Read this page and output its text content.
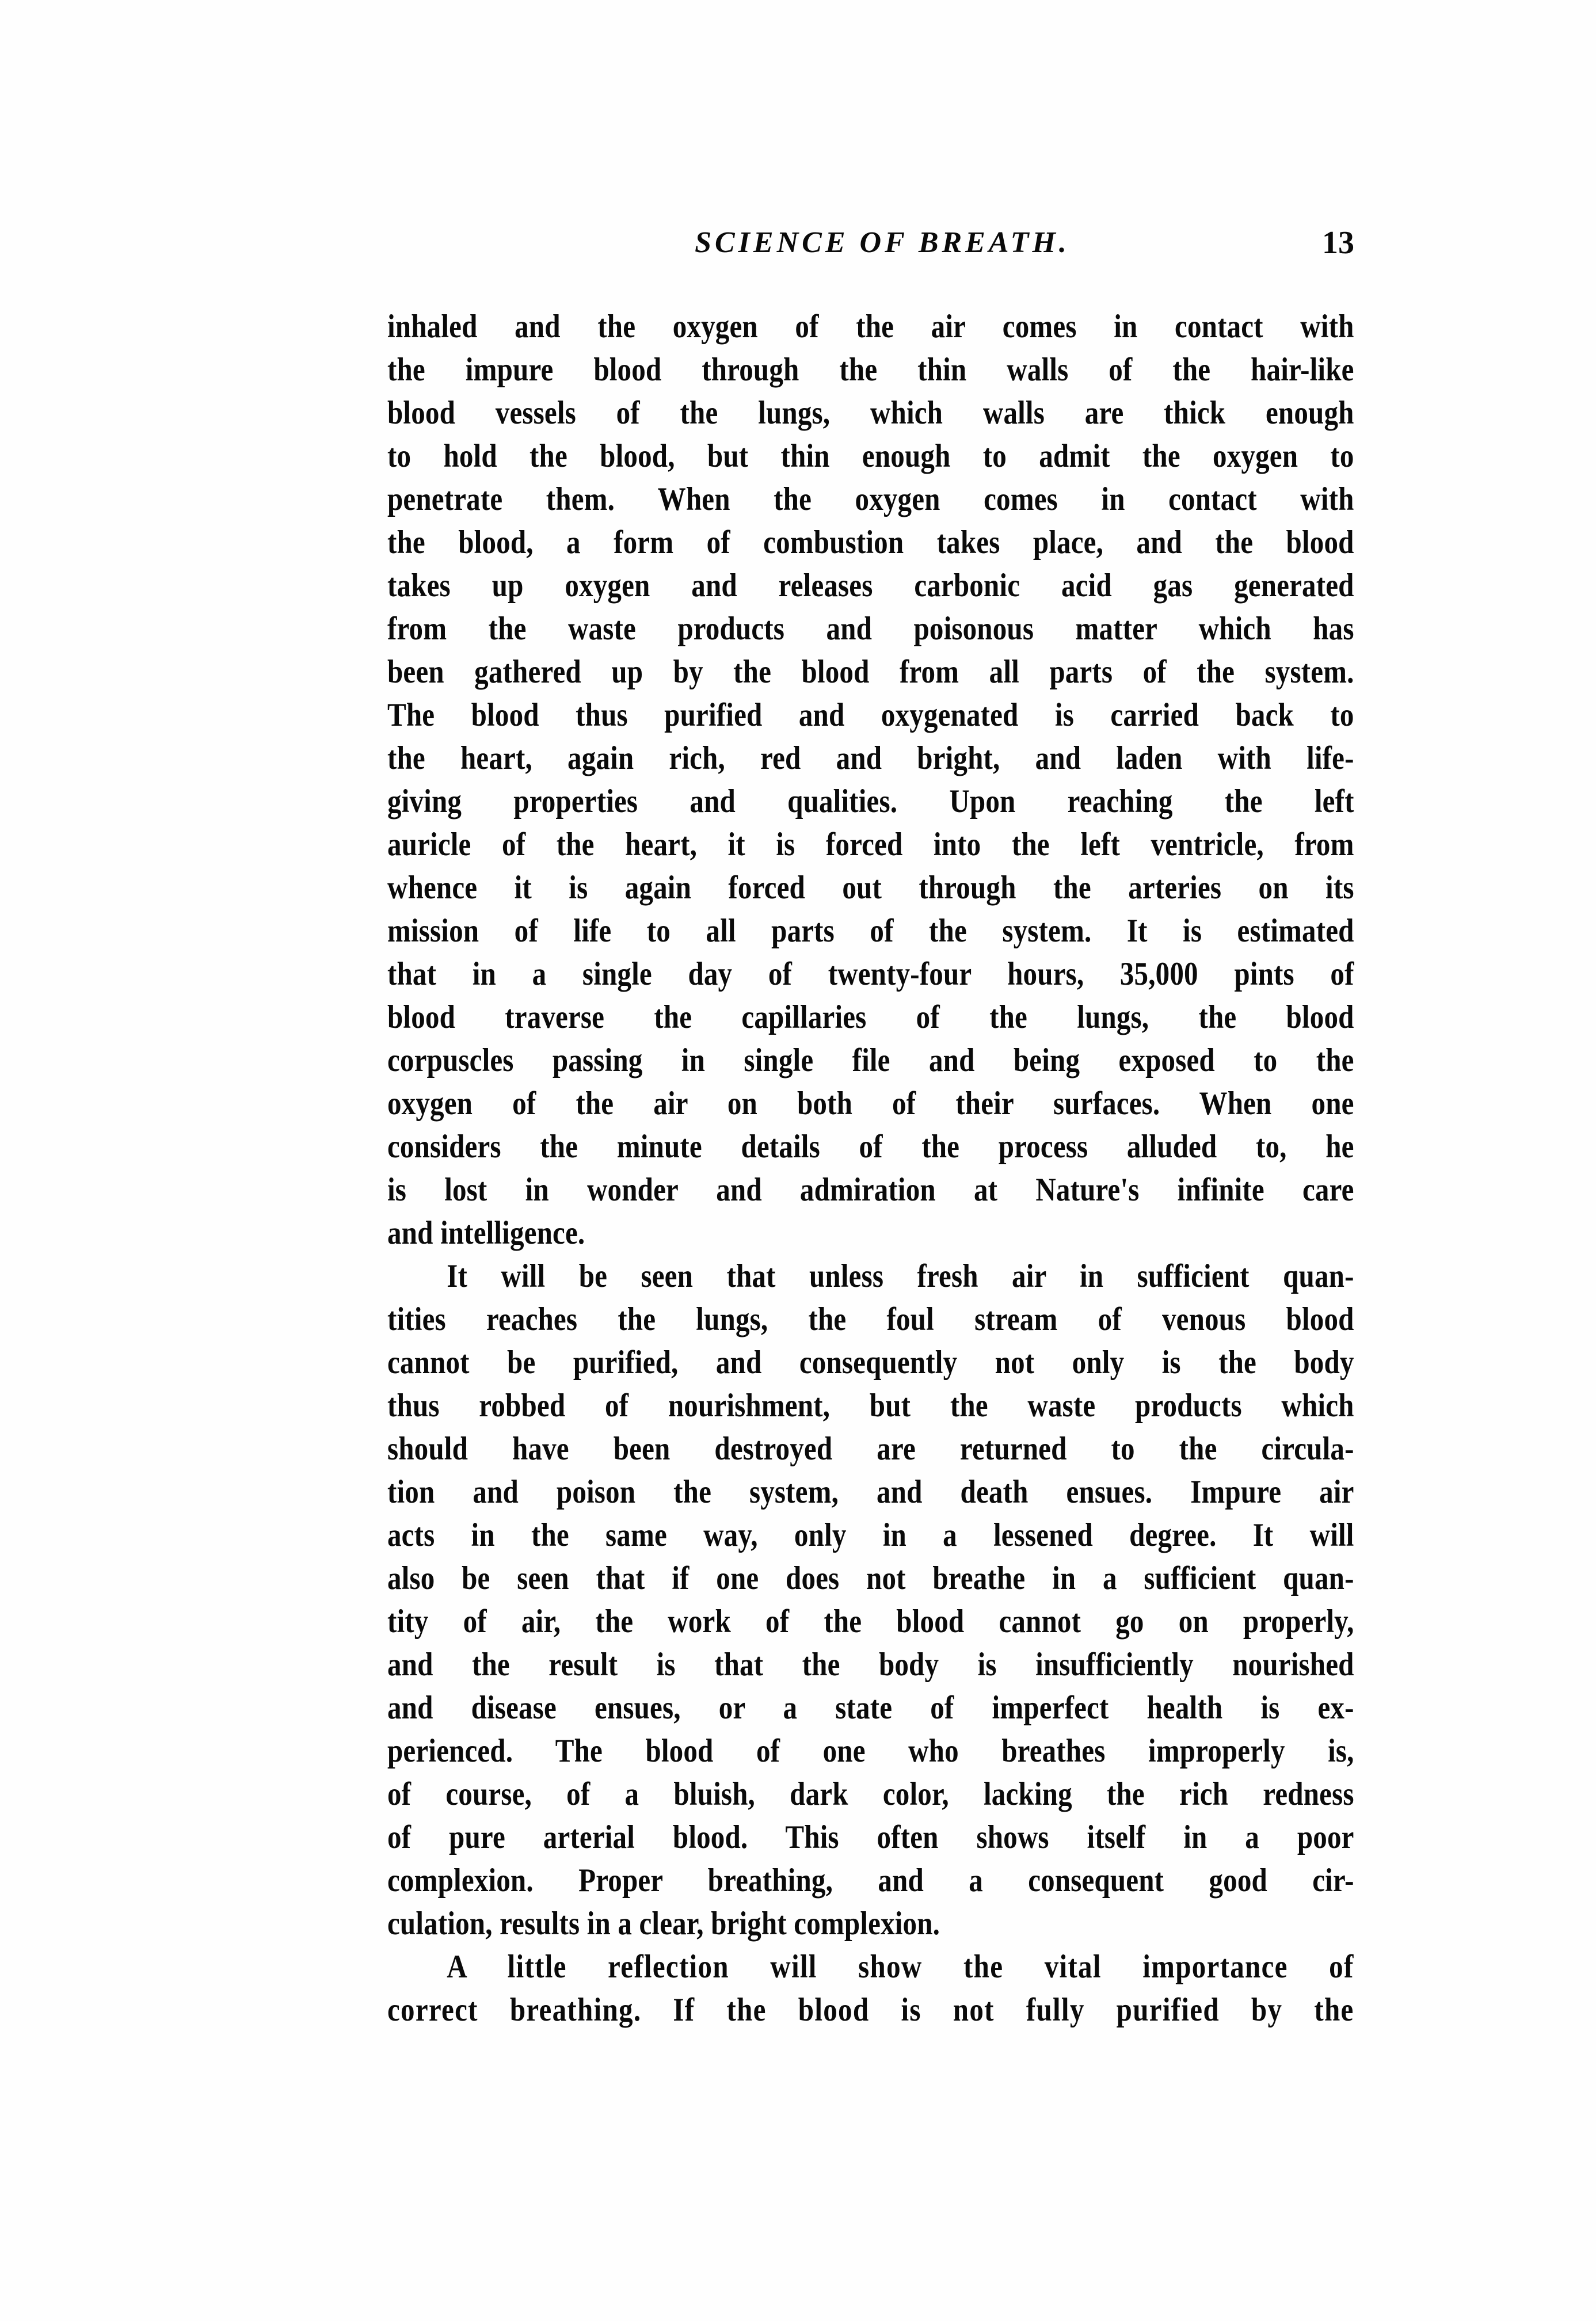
SCIENCE OF BREATH.	13
inhaled and the oxygen of the air comes in contact with
the impure blood through the thin walls of the hair-like
blood vessels of the lungs, which walls are thick enough
to hold the blood, but thin enough to admit the oxygen to
penetrate them. When the oxygen comes in contact with
the blood, a form of combustion takes place, and the blood
takes up oxygen and releases carbonic acid gas generated
from the waste products and poisonous matter which has
been gathered up by the blood from all parts of the system.
The blood thus purified and oxygenated is carried back to
the heart, again rich, red and bright, and laden with life-
giving properties and qualities. Upon reaching the left
auricle of the heart, it is forced into the left ventricle, from
whence it is again forced out through the arteries on its
mission of life to all parts of the system. It is estimated
that in a single day of twenty-four hours, 35,000 pints of
blood traverse the capillaries of the lungs, the blood
corpuscles passing in single file and being exposed to the
oxygen of the air on both of their surfaces. When one
considers the minute details of the process alluded to, he
is lost in wonder and admiration at Nature's infinite care
and intelligence.
It will be seen that unless fresh air in sufficient quan-
tities reaches the lungs, the foul stream of venous blood
cannot be purified, and consequently not only is the body
thus robbed of nourishment, but the waste products which
should have been destroyed are returned to the circula-
tion and poison the system, and death ensues. Impure air
acts in the same way, only in a lessened degree. It will
also be seen that if one does not breathe in a sufficient quan-
tity of air, the work of the blood cannot go on properly,
and the result is that the body is insufficiently nourished
and disease ensues, or a state of imperfect health is ex-
perienced. The blood of one who breathes improperly is,
of course, of a bluish, dark color, lacking the rich redness
of pure arterial blood. This often shows itself in a poor
complexion. Proper breathing, and a consequent good cir-
culation, results in a clear, bright complexion.
A little reflection will show the vital importance of
correct breathing. If the blood is not fully purified by the
